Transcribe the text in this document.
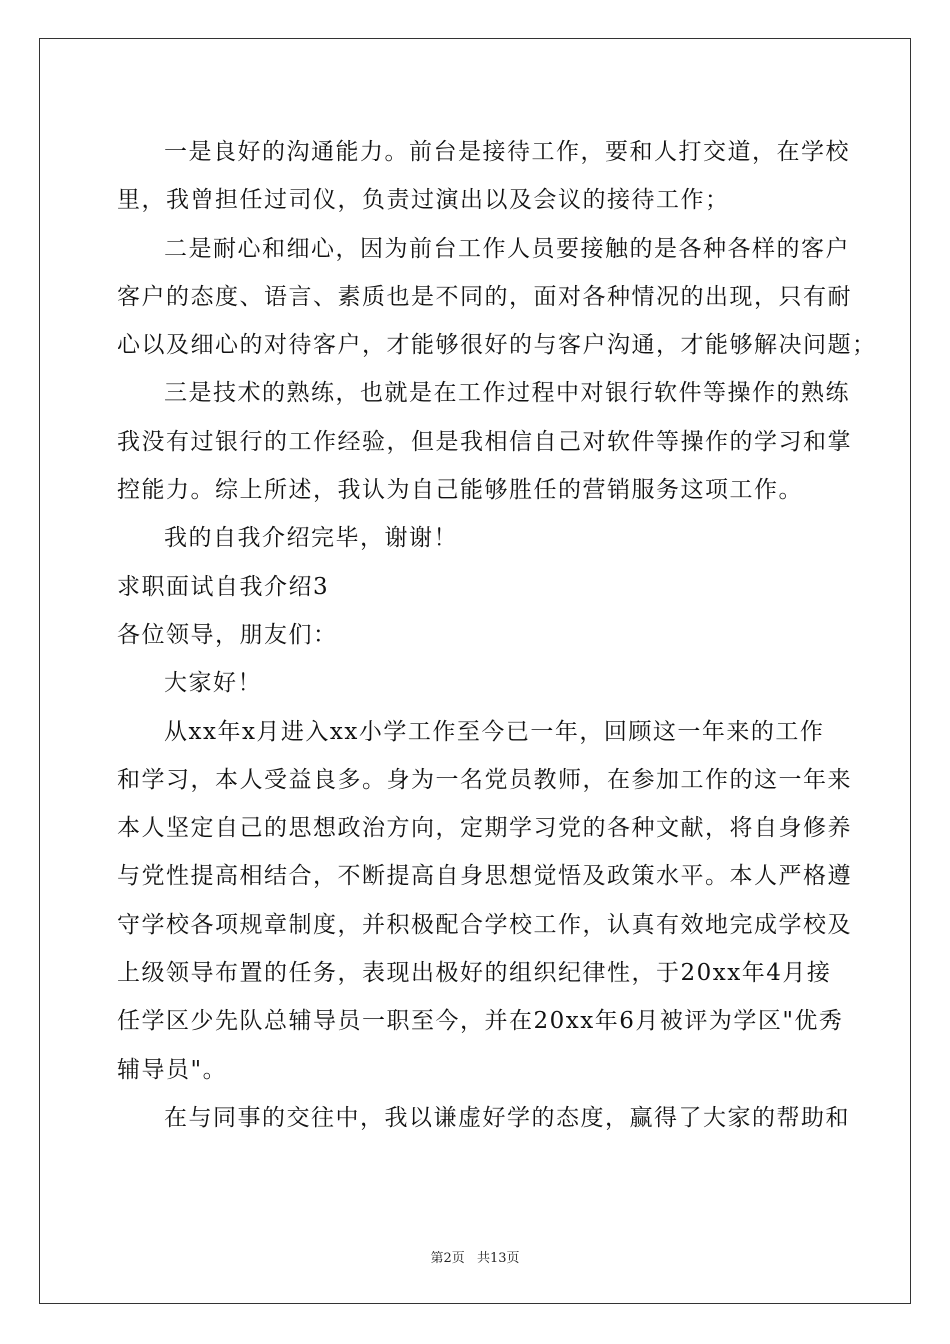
一是良好的沟通能力。前台是接待工作，要和人打交道，在学校
里，我曾担任过司仪，负责过演出以及会议的接待工作；
二是耐心和细心，因为前台工作人员要接触的是各种各样的客户
客户的态度、语言、素质也是不同的，面对各种情况的出现，只有耐
心以及细心的对待客户，才能够很好的与客户沟通，才能够解决问题；
三是技术的熟练，也就是在工作过程中对银行软件等操作的熟练
我没有过银行的工作经验，但是我相信自己对软件等操作的学习和掌
控能力。综上所述，我认为自己能够胜任的营销服务这项工作。
我的自我介绍完毕，谢谢！
求职面试自我介绍3
各位领导，朋友们：
大家好！
从xx年x月进入xx小学工作至今已一年，回顾这一年来的工作
和学习，本人受益良多。身为一名党员教师，在参加工作的这一年来
本人坚定自己的思想政治方向，定期学习党的各种文献，将自身修养
与党性提高相结合，不断提高自身思想觉悟及政策水平。本人严格遵
守学校各项规章制度，并积极配合学校工作，认真有效地完成学校及
上级领导布置的任务，表现出极好的组织纪律性，于20xx年4月接
任学区少先队总辅导员一职至今，并在20xx年6月被评为学区"优秀
辅导员"。
在与同事的交往中，我以谦虚好学的态度，赢得了大家的帮助和
第2页 共13页
